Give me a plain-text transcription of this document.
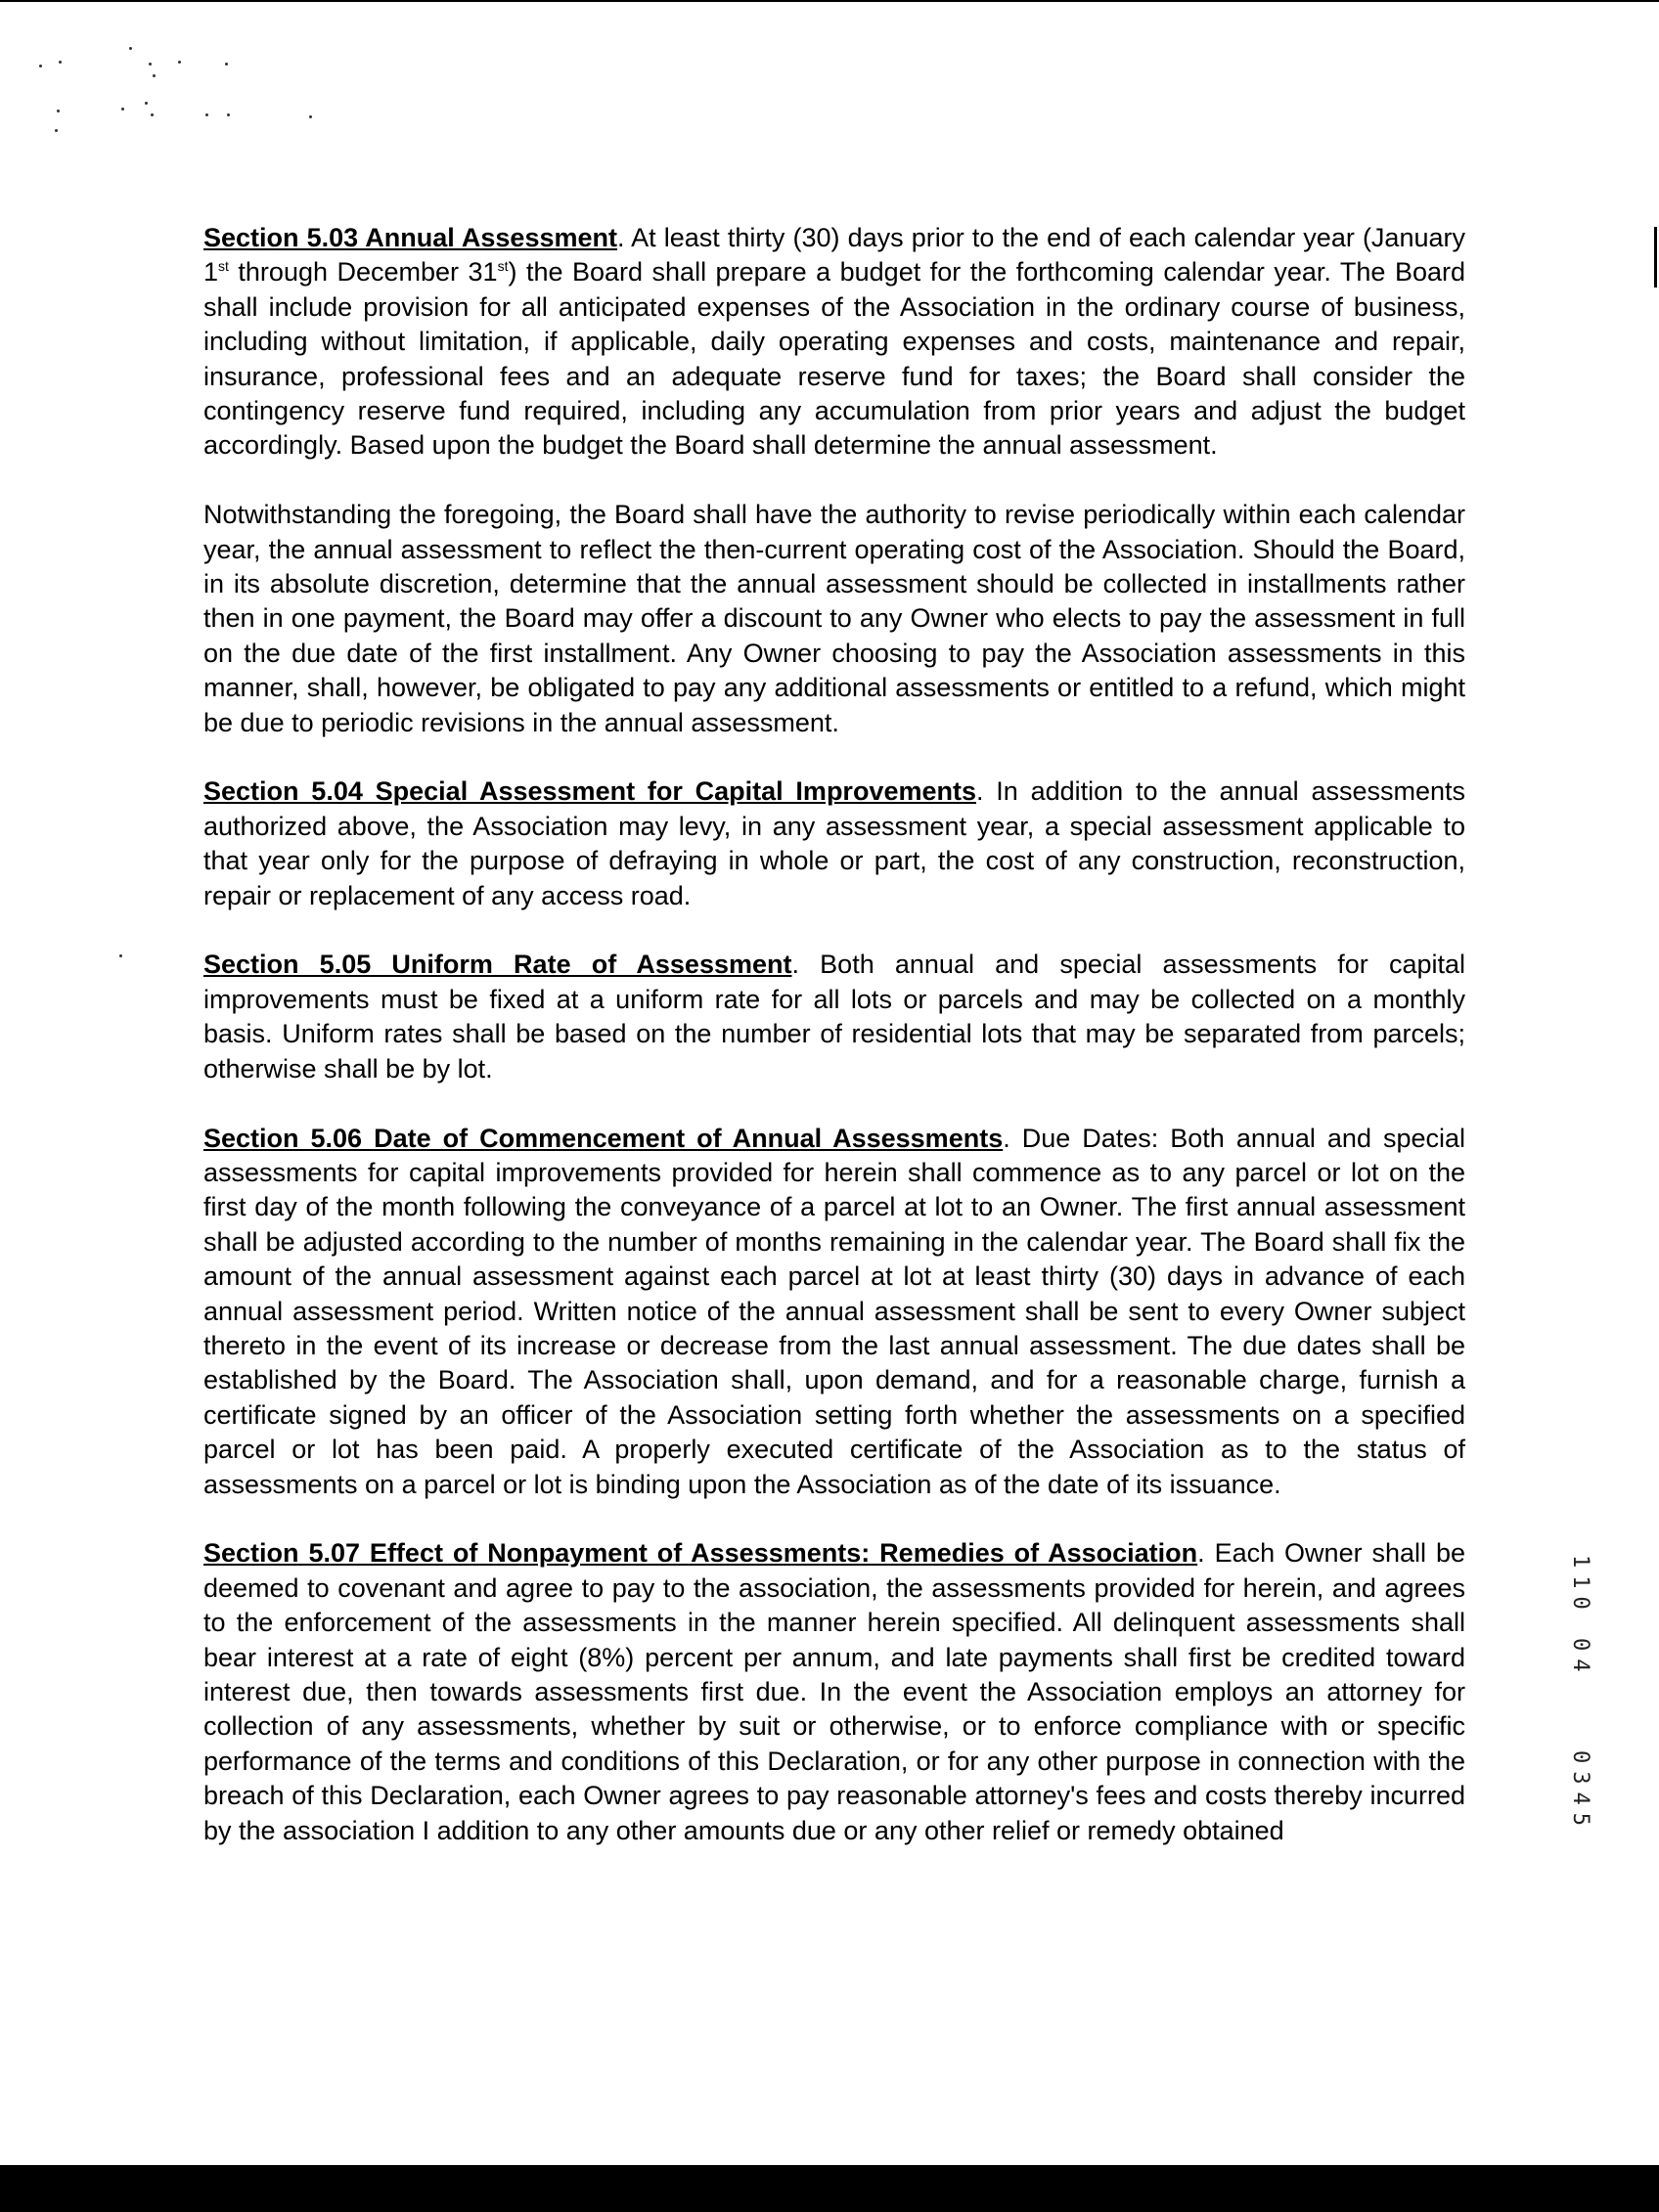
Section 5.03 Annual Assessment. At least thirty (30) days prior to the end of each calendar year (January 1st through December 31st) the Board shall prepare a budget for the forthcoming calendar year. The Board shall include provision for all anticipated expenses of the Association in the ordinary course of business, including without limitation, if applicable, daily operating expenses and costs, maintenance and repair, insurance, professional fees and an adequate reserve fund for taxes; the Board shall consider the contingency reserve fund required, including any accumulation from prior years and adjust the budget accordingly. Based upon the budget the Board shall determine the annual assessment.

Notwithstanding the foregoing, the Board shall have the authority to revise periodically within each calendar year, the annual assessment to reflect the then-current operating cost of the Association. Should the Board, in its absolute discretion, determine that the annual assessment should be collected in installments rather then in one payment, the Board may offer a discount to any Owner who elects to pay the assessment in full on the due date of the first installment. Any Owner choosing to pay the Association assessments in this manner, shall, however, be obligated to pay any additional assessments or entitled to a refund, which might be due to periodic revisions in the annual assessment.

Section 5.04 Special Assessment for Capital Improvements. In addition to the annual assessments authorized above, the Association may levy, in any assessment year, a special assessment applicable to that year only for the purpose of defraying in whole or part, the cost of any construction, reconstruction, repair or replacement of any access road.

Section 5.05 Uniform Rate of Assessment. Both annual and special assessments for capital improvements must be fixed at a uniform rate for all lots or parcels and may be collected on a monthly basis. Uniform rates shall be based on the number of residential lots that may be separated from parcels; otherwise shall be by lot.

Section 5.06 Date of Commencement of Annual Assessments. Due Dates: Both annual and special assessments for capital improvements provided for herein shall commence as to any parcel or lot on the first day of the month following the conveyance of a parcel at lot to an Owner. The first annual assessment shall be adjusted according to the number of months remaining in the calendar year. The Board shall fix the amount of the annual assessment against each parcel at lot at least thirty (30) days in advance of each annual assessment period. Written notice of the annual assessment shall be sent to every Owner subject thereto in the event of its increase or decrease from the last annual assessment. The due dates shall be established by the Board. The Association shall, upon demand, and for a reasonable charge, furnish a certificate signed by an officer of the Association setting forth whether the assessments on a specified parcel or lot has been paid. A properly executed certificate of the Association as to the status of assessments on a parcel or lot is binding upon the Association as of the date of its issuance.

Section 5.07 Effect of Nonpayment of Assessments: Remedies of Association. Each Owner shall be deemed to covenant and agree to pay to the association, the assessments provided for herein, and agrees to the enforcement of the assessments in the manner herein specified. All delinquent assessments shall bear interest at a rate of eight (8%) percent per annum, and late payments shall first be credited toward interest due, then towards assessments first due. In the event the Association employs an attorney for collection of any assessments, whether by suit or otherwise, or to enforce compliance with or specific performance of the terms and conditions of this Declaration, or for any other purpose in connection with the breach of this Declaration, each Owner agrees to pay reasonable attorney's fees and costs thereby incurred by the association I addition to any other amounts due or any other relief or remedy obtained

110 04
0345
